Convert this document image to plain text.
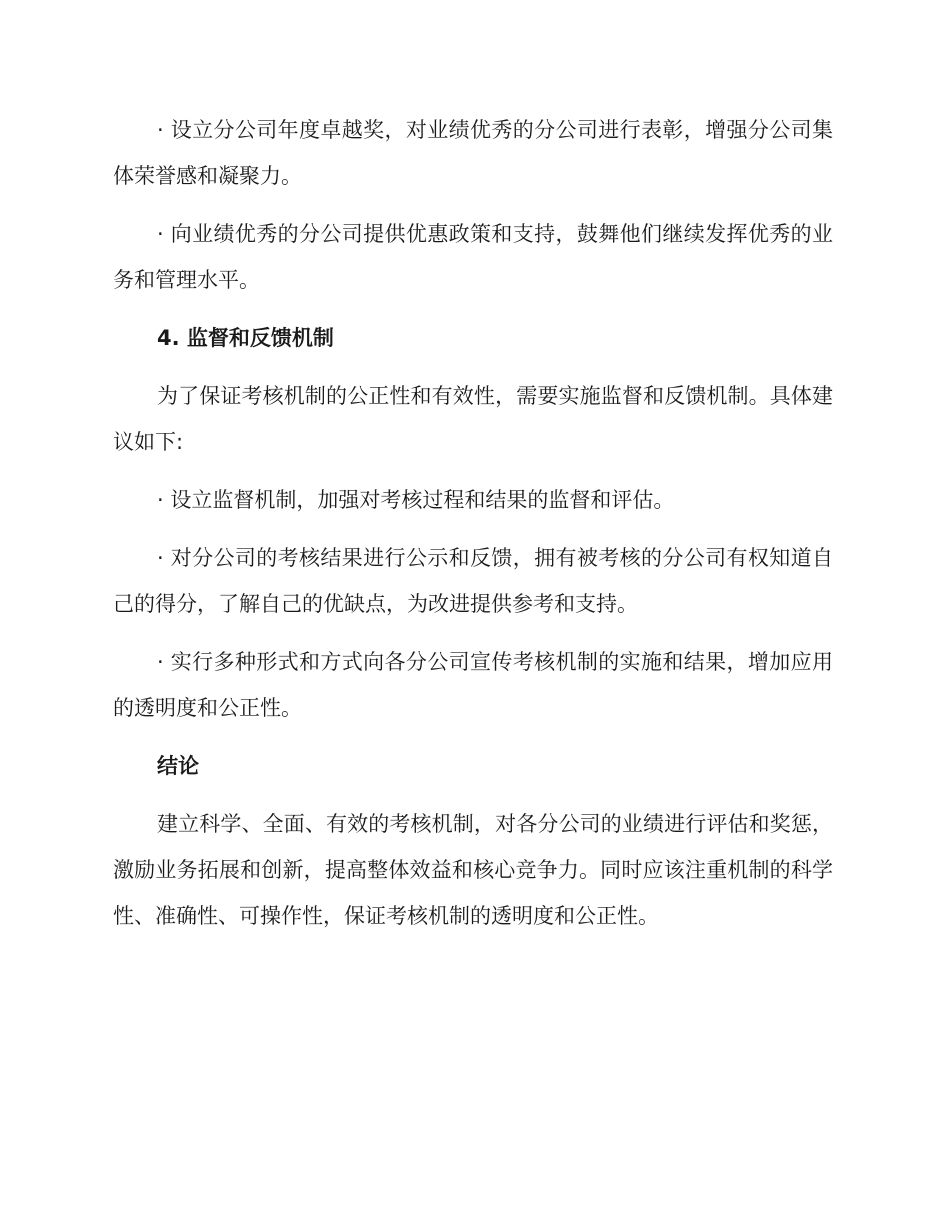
· 设立分公司年度卓越奖，对业绩优秀的分公司进行表彰，增强分公司集体荣誉感和凝聚力。

· 向业绩优秀的分公司提供优惠政策和支持，鼓舞他们继续发挥优秀的业务和管理水平。

4. 监督和反馈机制

为了保证考核机制的公正性和有效性，需要实施监督和反馈机制。具体建议如下:

· 设立监督机制，加强对考核过程和结果的监督和评估。

· 对分公司的考核结果进行公示和反馈，拥有被考核的分公司有权知道自己的得分，了解自己的优缺点，为改进提供参考和支持。

· 实行多种形式和方式向各分公司宣传考核机制的实施和结果，增加应用的透明度和公正性。

结论

建立科学、全面、有效的考核机制，对各分公司的业绩进行评估和奖惩，激励业务拓展和创新，提高整体效益和核心竞争力。同时应该注重机制的科学性、准确性、可操作性，保证考核机制的透明度和公正性。
